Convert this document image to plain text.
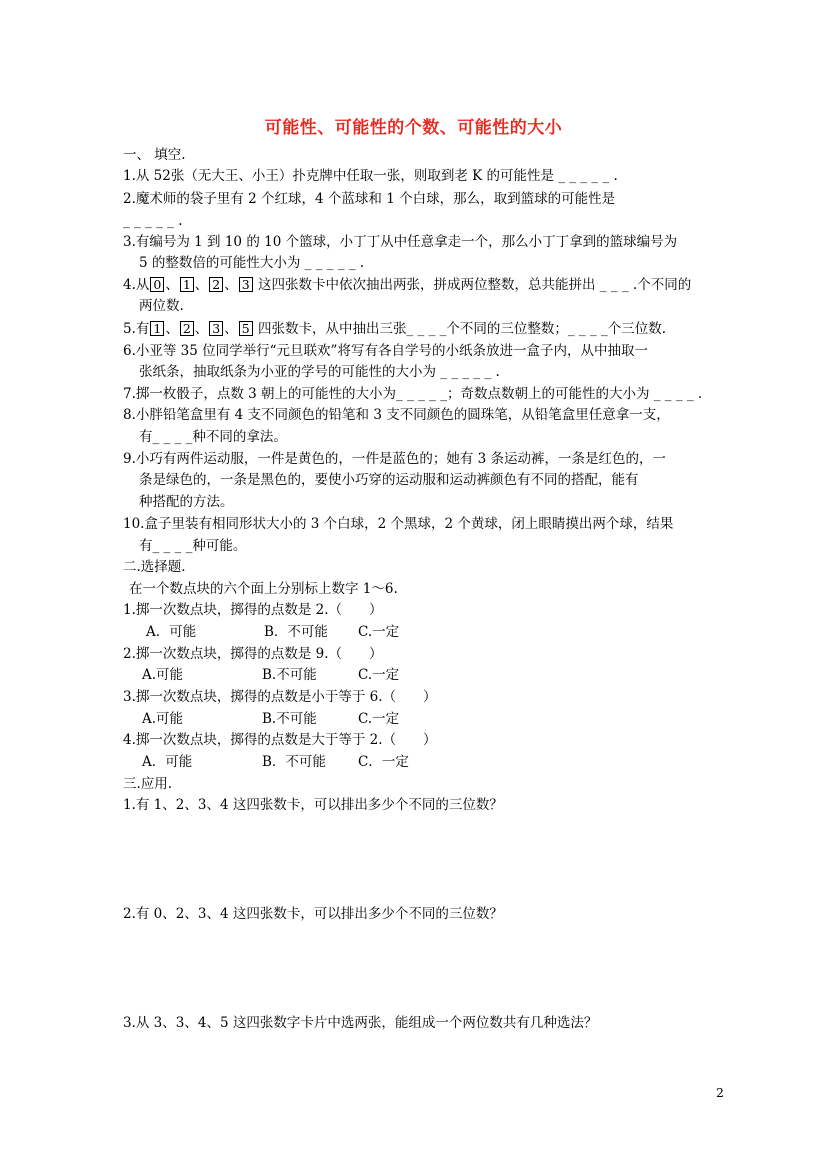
可能性、可能性的个数、可能性的大小
一、 填空.
1.从 52张（无大王、小王）扑克牌中任取一张，则取到老 K 的可能性是 _ _ _ _ _ .
2.魔术师的袋子里有 2 个红球，4 个蓝球和 1 个白球，那么，取到篮球的可能性是
_ _ _ _ _ .
3.有编号为 1 到 10 的 10 个篮球，小丁丁从中任意拿走一个，那么小丁丁拿到的篮球编号为
5 的整数倍的可能性大小为 _ _ _ _ _ .
4.从 0 、 1 、 2 、 3 这四张数卡中依次抽出两张，拼成两位整数，总共能拼出 _ _ _ .个不同的
两位数.
5.有 1 、 2 、 3 、 5 四张数卡，从中抽出三张_ _ _ _个不同的三位整数；_ _ _ _个三位数.
6.小亚等 35 位同学举行“元旦联欢”将写有各自学号的小纸条放进一盒子内，从中抽取一
张纸条，抽取纸条为小亚的学号的可能性的大小为 _ _ _ _ _ .
7.掷一枚骰子，点数 3 朝上的可能性的大小为_ _ _ _ _；奇数点数朝上的可能性的大小为 _ _ _ _ .
8.小胖铅笔盒里有 4 支不同颜色的铅笔和 3 支不同颜色的圆珠笔，从铅笔盒里任意拿一支，
有_ _ _ _种不同的拿法。
9.小巧有两件运动服，一件是黄色的，一件是蓝色的；她有 3 条运动裤，一条是红色的，一
条是绿色的，一条是黑色的，要使小巧穿的运动服和运动裤颜色有不同的搭配，能有
种搭配的方法。
10.盒子里装有相同形状大小的 3 个白球，2 个黑球，2 个黄球，闭上眼睛摸出两个球，结果
有_ _ _ _种可能。
二.选择题.
在一个数点块的六个面上分别标上数字 1～6.
1.掷一次数点块，掷得的点数是 2.（　　）
A．可能	B．不可能 C.一定
2.掷一次数点块，掷得的点数是 9.（　　）
A.可能	B.不可能	C.一定
3.掷一次数点块，掷得的点数是小于等于 6.（　　）
A.可能	B.不可能	C.一定
4.掷一次数点块，掷得的点数是大于等于 2.（　　）
A．可能	B．不可能 C．一定
三.应用.
1.有 1、2、3、4 这四张数卡，可以排出多少个不同的三位数？
2.有 0、2、3、4 这四张数卡，可以排出多少个不同的三位数？
3.从 3、3、4、5 这四张数字卡片中选两张，能组成一个两位数共有几种选法？
2
